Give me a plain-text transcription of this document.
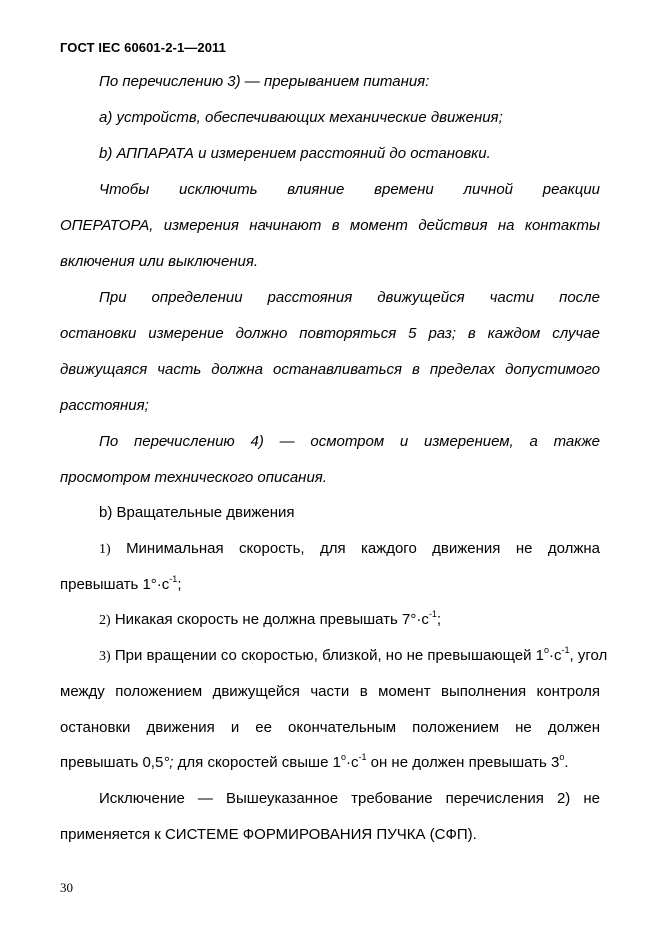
ГОСТ IEC 60601-2-1—2011
По перечислению 3) — прерыванием питания:
a) устройств, обеспечивающих механические движения;
b) АППАРАТА и измерением расстояний до остановки.
Чтобы исключить влияние времени личной реакции
ОПЕРАТОРА, измерения начинают в момент действия на контакты
включения или выключения.
При определении расстояния движущейся части после
остановки измерение должно повторяться 5 раз; в каждом случае
движущаяся часть должна останавливаться в пределах допустимого
расстояния;
По перечислению 4) — осмотром и измерением, а также
просмотром технического описания.
b) Вращательные движения
1) Минимальная скорость, для каждого движения не должна
превышать $1^\circ\cdot c^{-1}$;
2) Никакая скорость не должна превышать $7^\circ\cdot c^{-1}$;
3) При вращении со скоростью, близкой, но не превышающей $1^o\cdot c^{-1}$, угол
между положением движущейся части в момент выполнения контроля
остановки движения и ее окончательным положением не должен
превышать 0,5°; для скоростей свыше $1^o\cdot c^{-1}$ он не должен превышать 3$^o$.
Исключение — Вышеуказанное требование перечисления 2) не
применяется к СИСТЕМЕ ФОРМИРОВАНИЯ ПУЧКА (СФП).
30
